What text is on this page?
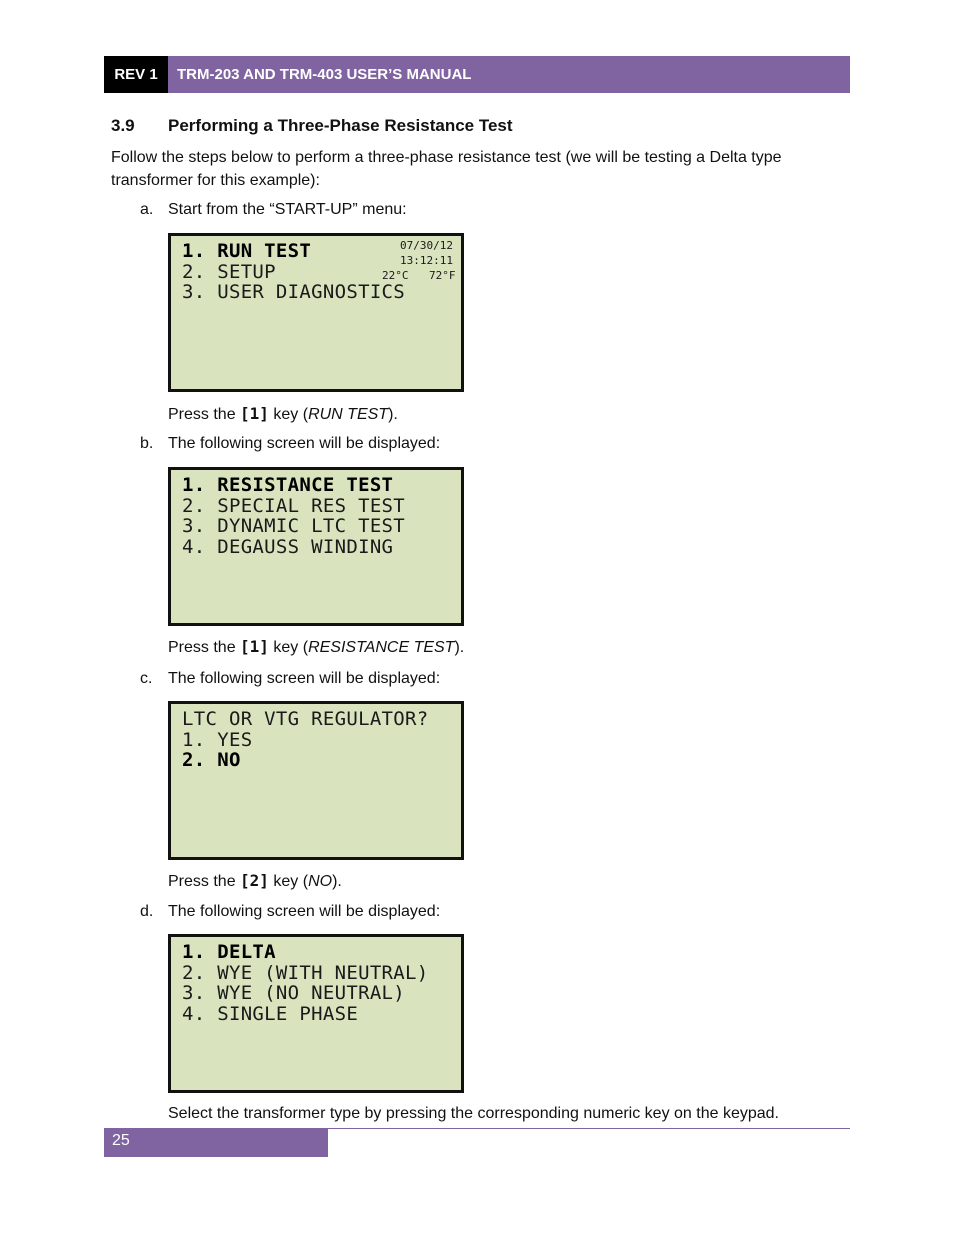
REV 1	TRM-203 AND TRM-403 USER’S MANUAL
3.9 Performing a Three-Phase Resistance Test
Follow the steps below to perform a three-phase resistance test (we will be testing a Delta type transformer for this example):
a. Start from the “START-UP” menu:
1. RUN TEST
2. SETUP
3. USER DIAGNOSTICS
07/30/12
13:12:11
22°C 72°F
Press the [1] key (RUN TEST).
b. The following screen will be displayed:
1. RESISTANCE TEST
2. SPECIAL RES TEST
3. DYNAMIC LTC TEST
4. DEGAUSS WINDING
Press the [1] key (RESISTANCE TEST).
c. The following screen will be displayed:
LTC OR VTG REGULATOR?
1. YES
2. NO
Press the [2] key (NO).
d. The following screen will be displayed:
1. DELTA
2. WYE (WITH NEUTRAL)
3. WYE (NO NEUTRAL)
4. SINGLE PHASE
Select the transformer type by pressing the corresponding numeric key on the keypad.
25
